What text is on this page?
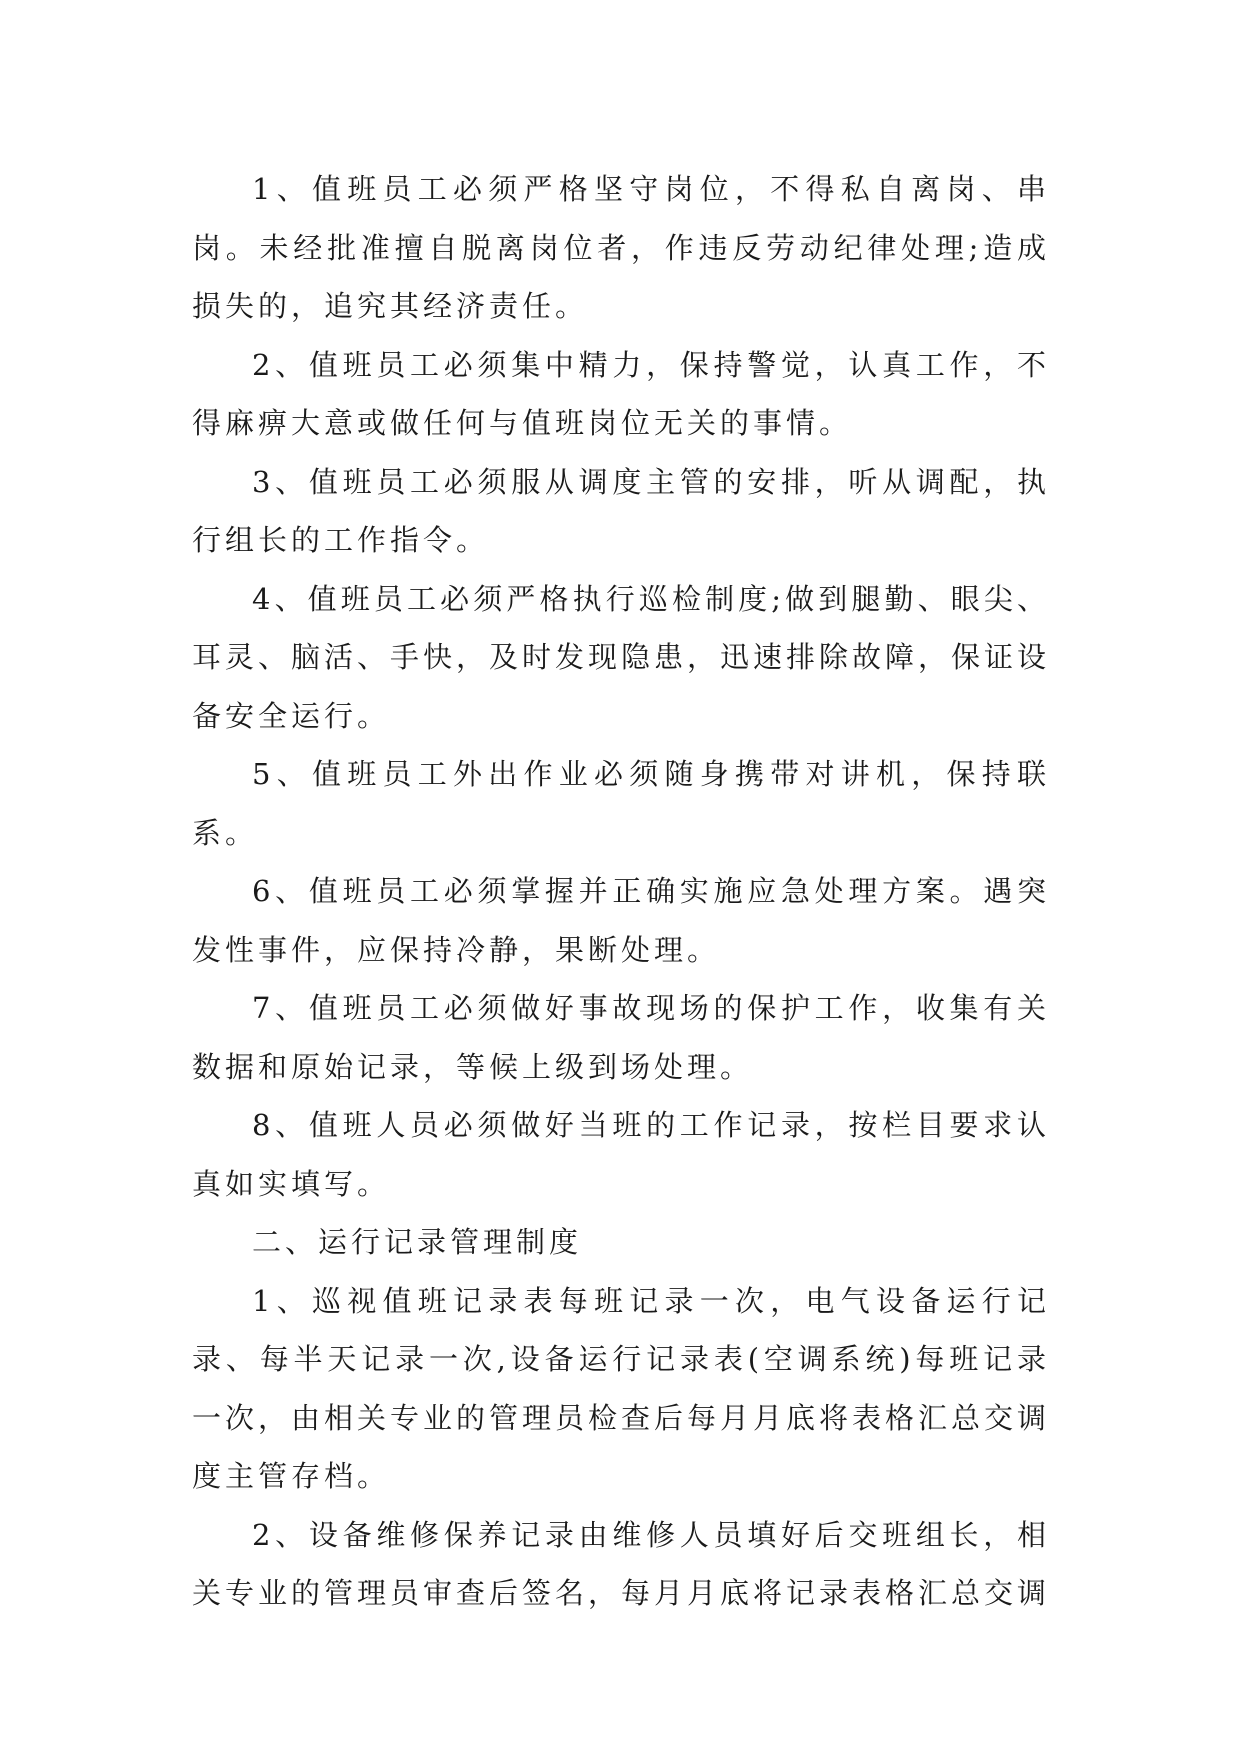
1、值班员工必须严格坚守岗位，不得私自离岗、串岗。未经批准擅自脱离岗位者，作违反劳动纪律处理;造成损失的，追究其经济责任。

2、值班员工必须集中精力，保持警觉，认真工作，不得麻痹大意或做任何与值班岗位无关的事情。

3、值班员工必须服从调度主管的安排，听从调配，执行组长的工作指令。

4、值班员工必须严格执行巡检制度;做到腿勤、眼尖、耳灵、脑活、手快，及时发现隐患，迅速排除故障，保证设备安全运行。

5、值班员工外出作业必须随身携带对讲机，保持联系。

6、值班员工必须掌握并正确实施应急处理方案。遇突发性事件，应保持冷静，果断处理。

7、值班员工必须做好事故现场的保护工作，收集有关数据和原始记录，等候上级到场处理。

8、值班人员必须做好当班的工作记录，按栏目要求认真如实填写。

二、运行记录管理制度

1、巡视值班记录表每班记录一次，电气设备运行记录、每半天记录一次,设备运行记录表(空调系统)每班记录一次，由相关专业的管理员检查后每月月底将表格汇总交调度主管存档。

2、设备维修保养记录由维修人员填好后交班组长，相关专业的管理员审查后签名，每月月底将记录表格汇总交调
